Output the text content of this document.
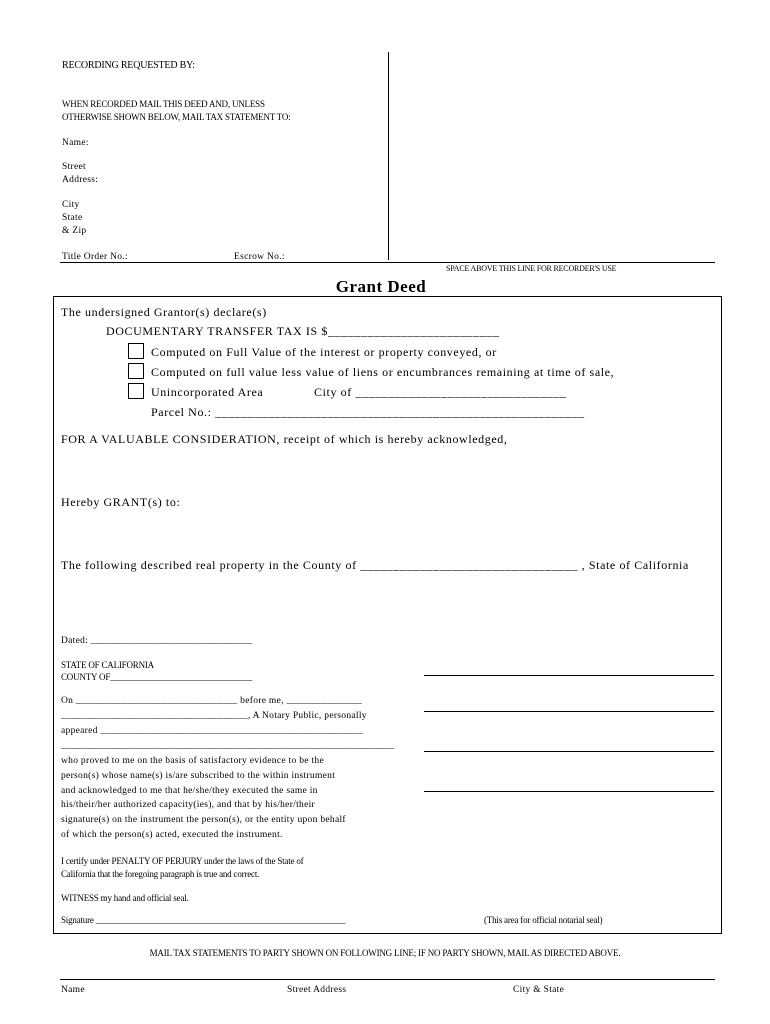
RECORDING REQUESTED BY:
WHEN RECORDED MAIL THIS DEED AND, UNLESS
OTHERWISE SHOWN BELOW, MAIL TAX STATEMENT TO:
Name:
Street
Address:
City
State
& Zip
Title Order No.:	Escrow No.:
SPACE ABOVE THIS LINE FOR RECORDER'S USE
Grant Deed
The undersigned Grantor(s) declare(s)
DOCUMENTARY TRANSFER TAX IS $__________________________
Computed on Full Value of the interest or property conveyed, or
Computed on full value less value of liens or encumbrances remaining at time of sale,
Unincorporated Area	City of ________________________________
Parcel No.: ________________________________________________________
FOR A VALUABLE CONSIDERATION, receipt of which is hereby acknowledged,
Hereby GRANT(s) to:
The following described real property in the County of _________________________________ , State of California
Dated: ________________________________
STATE OF CALIFORNIA
COUNTY OF_________________________________
On ________________________________ before me, _______________
_____________________________________, A Notary Public, personally
appeared ____________________________________________________
__________________________________________________________________
who proved to me on the basis of satisfactory evidence to be the
person(s) whose name(s) is/are subscribed to the within instrument
and acknowledged to me that he/she/they executed the same in
his/their/her authorized capacity(ies), and that by his/her/their
signature(s) on the instrument the person(s), or the entity upon behalf
of which the person(s) acted, executed the instrument.
I certify under PENALTY OF PERJURY under the laws of the State of
California that the foregoing paragraph is true and correct.
WITNESS my hand and official seal.
Signature __________________________________________________________	(This area for official notarial seal)
MAIL TAX STATEMENTS TO PARTY SHOWN ON FOLLOWING LINE; IF NO PARTY SHOWN, MAIL AS DIRECTED ABOVE.
Name	Street Address	City & State
